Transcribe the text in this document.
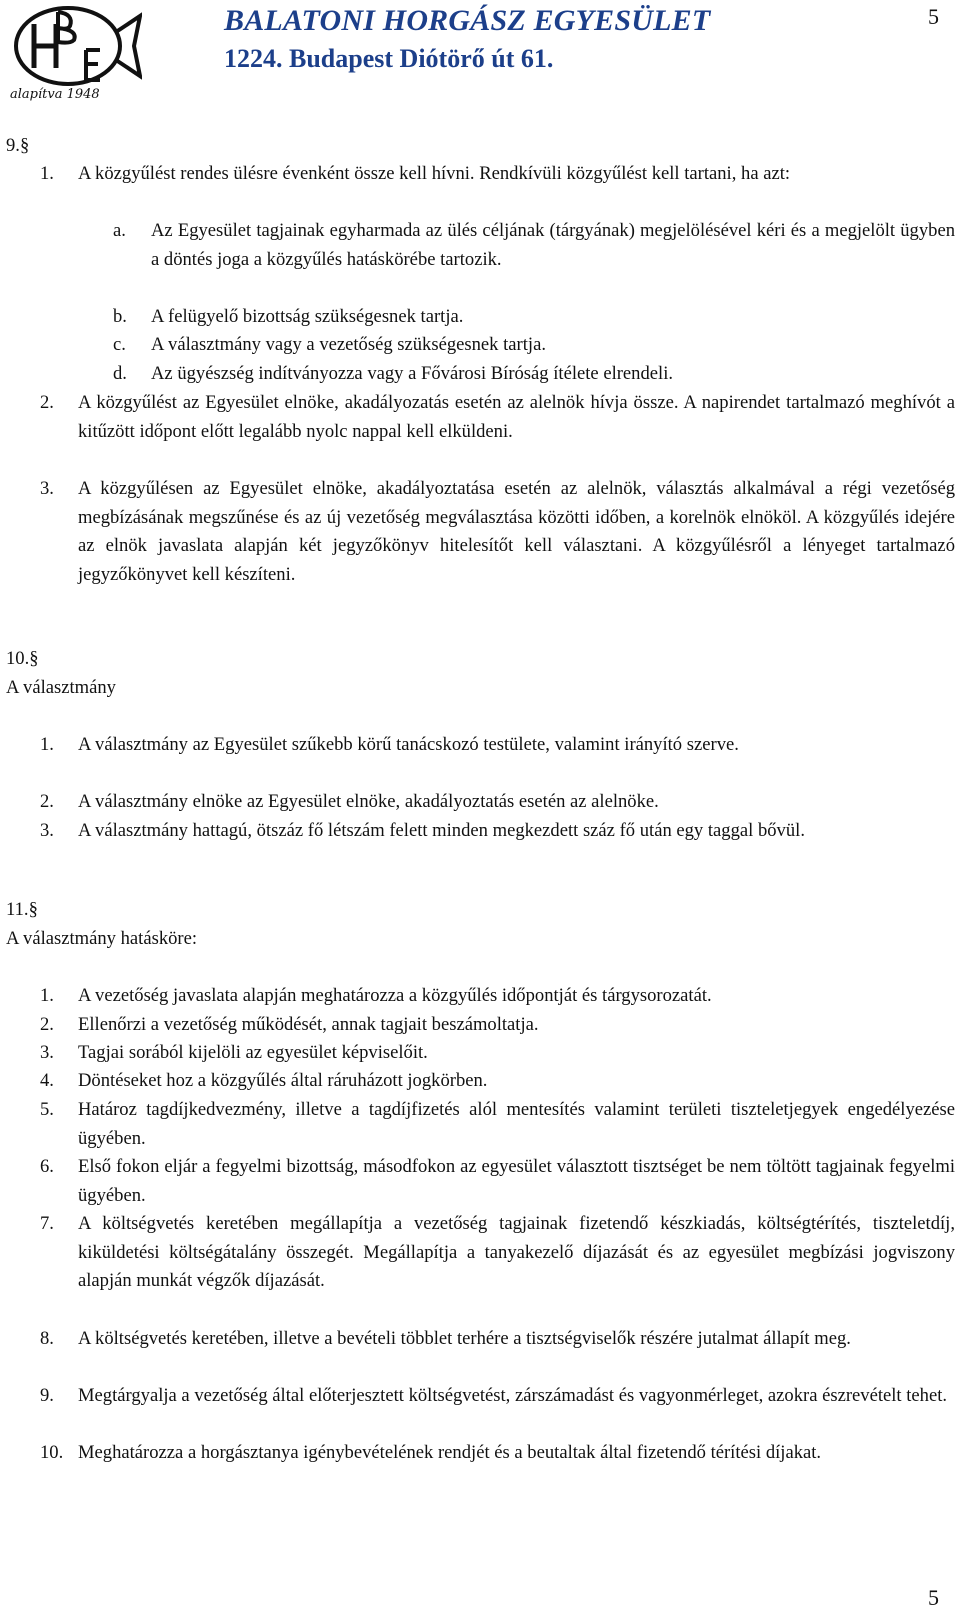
alapítva 1948
BALATONI HORGÁSZ EGYESÜLET
1224. Budapest Diótörő út 61.
5
9.§
1.	A közgyűlést rendes ülésre évenként össze kell hívni. Rendkívüli közgyűlést kell tartani, ha azt:
a.	Az Egyesület tagjainak egyharmada az ülés céljának (tárgyának) megjelölésével kéri és a megjelölt ügyben a döntés joga a közgyűlés hatáskörébe tartozik.
b.	A felügyelő bizottság szükségesnek tartja.
c.	A választmány vagy a vezetőség szükségesnek tartja.
d.	Az ügyészség indítványozza vagy a Fővárosi Bíróság ítélete elrendeli.
2.	A közgyűlést az Egyesület elnöke, akadályozatás esetén az alelnök hívja össze. A napirendet tartalmazó meghívót a kitűzött időpont előtt legalább nyolc nappal kell elküldeni.
3.	A közgyűlésen az Egyesület elnöke, akadályoztatása esetén az alelnök, választás alkalmával a régi vezetőség megbízásának megszűnése és az új vezetőség megválasztása közötti időben, a korelnök elnököl. A közgyűlés idejére az elnök javaslata alapján két jegyzőkönyv hitelesítőt kell választani. A közgyűlésről a lényeget tartalmazó jegyzőkönyvet kell készíteni.
10.§
A választmány
1.	A választmány az Egyesület szűkebb körű tanácskozó testülete, valamint irányító szerve.
2.	A választmány elnöke az Egyesület elnöke, akadályoztatás esetén az alelnöke.
3.	A választmány hattagú, ötszáz fő létszám felett minden megkezdett száz fő után egy taggal bővül.
11.§
A választmány hatásköre:
1.	A vezetőség javaslata alapján meghatározza a közgyűlés időpontját és tárgysorozatát.
2.	Ellenőrzi a vezetőség működését, annak tagjait beszámoltatja.
3.	Tagjai sorából kijelöli az egyesület képviselőit.
4.	Döntéseket hoz a közgyűlés által ráruházott jogkörben.
5.	Határoz tagdíjkedvezmény, illetve a tagdíjfizetés alól mentesítés valamint területi tiszteletjegyek engedélyezése ügyében.
6.	Első fokon eljár a fegyelmi bizottság, másodfokon az egyesület választott tisztséget be nem töltött tagjainak fegyelmi ügyében.
7.	A költségvetés keretében megállapítja a vezetőség tagjainak fizetendő készkiadás, költségtérítés, tiszteletdíj, kiküldetési költségátalány összegét. Megállapítja a tanyakezelő díjazását és az egyesület megbízási jogviszony alapján munkát végzők díjazását.
8.	A költségvetés keretében, illetve a bevételi többlet terhére a tisztségviselők részére jutalmat állapít meg.
9.	Megtárgyalja a vezetőség által előterjesztett költségvetést, zárszámadást és vagyonmérleget, azokra észrevételt tehet.
10. Meghatározza a horgásztanya igénybevételének rendjét és a beutaltak által fizetendő térítési díjakat.
5
